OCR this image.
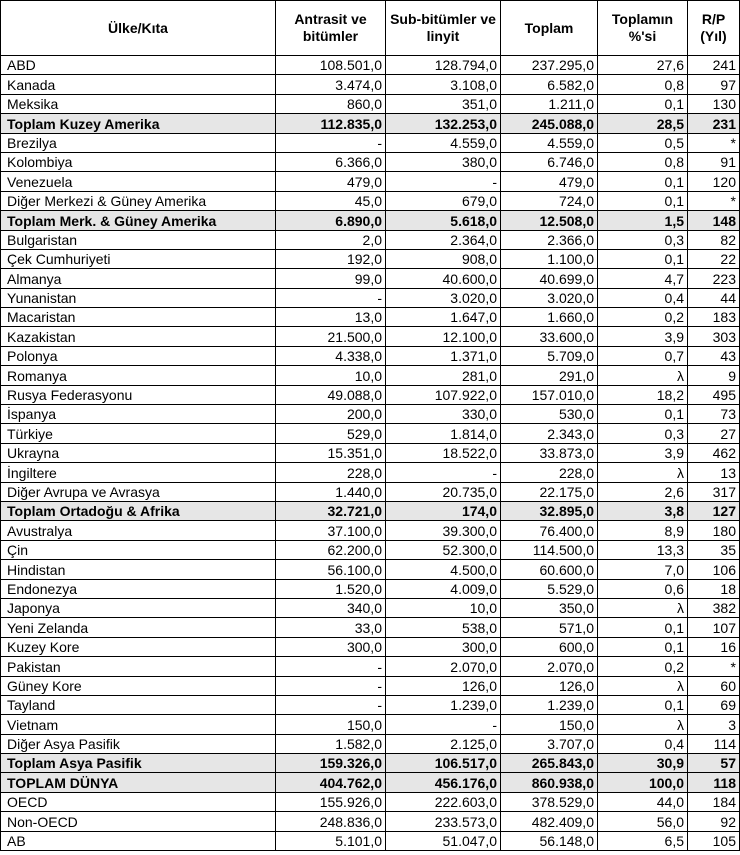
Ülke/Kıta	Antrasit ve bitümler	Sub-bitümler ve linyit	Toplam	Toplamın %'si	R/P (Yıl)
ABD	108.501,0	128.794,0	237.295,0	27,6	241
Kanada	3.474,0	3.108,0	6.582,0	0,8	97
Meksika	860,0	351,0	1.211,0	0,1	130
Toplam Kuzey Amerika	112.835,0	132.253,0	245.088,0	28,5	231
Brezilya	-	4.559,0	4.559,0	0,5	*
Kolombiya	6.366,0	380,0	6.746,0	0,8	91
Venezuela	479,0	-	479,0	0,1	120
Diğer Merkezi & Güney Amerika	45,0	679,0	724,0	0,1	*
Toplam Merk. & Güney Amerika	6.890,0	5.618,0	12.508,0	1,5	148
Bulgaristan	2,0	2.364,0	2.366,0	0,3	82
Çek Cumhuriyeti	192,0	908,0	1.100,0	0,1	22
Almanya	99,0	40.600,0	40.699,0	4,7	223
Yunanistan	-	3.020,0	3.020,0	0,4	44
Macaristan	13,0	1.647,0	1.660,0	0,2	183
Kazakistan	21.500,0	12.100,0	33.600,0	3,9	303
Polonya	4.338,0	1.371,0	5.709,0	0,7	43
Romanya	10,0	281,0	291,0	λ	9
Rusya Federasyonu	49.088,0	107.922,0	157.010,0	18,2	495
İspanya	200,0	330,0	530,0	0,1	73
Türkiye	529,0	1.814,0	2.343,0	0,3	27
Ukrayna	15.351,0	18.522,0	33.873,0	3,9	462
İngiltere	228,0	-	228,0	λ	13
Diğer Avrupa ve Avrasya	1.440,0	20.735,0	22.175,0	2,6	317
Toplam Ortadoğu & Afrika	32.721,0	174,0	32.895,0	3,8	127
Avustralya	37.100,0	39.300,0	76.400,0	8,9	180
Çin	62.200,0	52.300,0	114.500,0	13,3	35
Hindistan	56.100,0	4.500,0	60.600,0	7,0	106
Endonezya	1.520,0	4.009,0	5.529,0	0,6	18
Japonya	340,0	10,0	350,0	λ	382
Yeni Zelanda	33,0	538,0	571,0	0,1	107
Kuzey Kore	300,0	300,0	600,0	0,1	16
Pakistan	-	2.070,0	2.070,0	0,2	*
Güney Kore	-	126,0	126,0	λ	60
Tayland	-	1.239,0	1.239,0	0,1	69
Vietnam	150,0	-	150,0	λ	3
Diğer Asya Pasifik	1.582,0	2.125,0	3.707,0	0,4	114
Toplam Asya Pasifik	159.326,0	106.517,0	265.843,0	30,9	57
TOPLAM DÜNYA	404.762,0	456.176,0	860.938,0	100,0	118
OECD	155.926,0	222.603,0	378.529,0	44,0	184
Non-OECD	248.836,0	233.573,0	482.409,0	56,0	92
AB	5.101,0	51.047,0	56.148,0	6,5	105
